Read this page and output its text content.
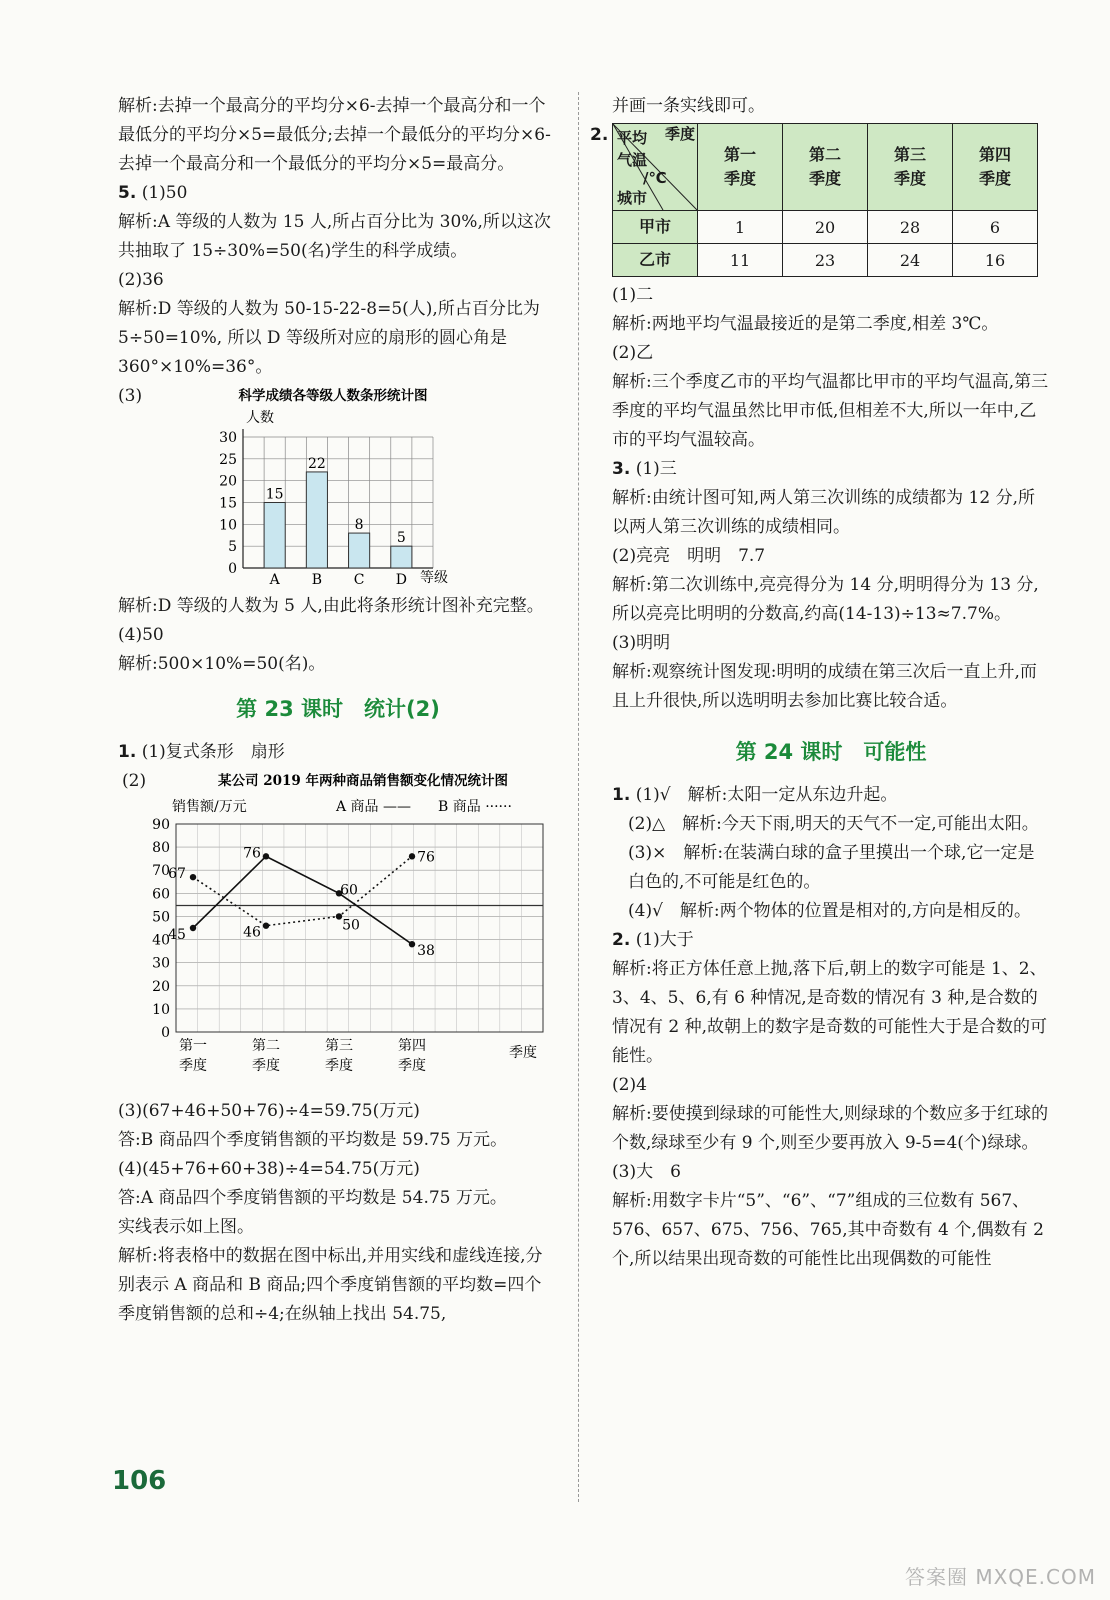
解析:去掉一个最高分的平均分×6-去掉一个最高分和一个最低分的平均分×5=最低分;去掉一个最低分的平均分×6-去掉一个最高分和一个最低分的平均分×5=最高分。

5. (1)50

解析:A 等级的人数为 15 人,所占百分比为 30%,所以这次共抽取了 15÷30%=50(名)学生的科学成绩。

(2)36

解析:D 等级的人数为 50-15-22-8=5(人),所占百分比为 5÷50=10%, 所以 D 等级所对应的扇形的圆心角是 360°×10%=36°。

(3)	科学成绩各等级人数条形统计图
人数
等级
0
5
10
15
20
25
30
15
A
22
B
8
C
5
D

解析:D 等级的人数为 5 人,由此将条形统计图补充完整。

(4)50

解析:500×10%=50(名)。

第 23 课时　统计(2)

1. (1)复式条形　扇形

(2)	某公司 2019 年两种商品销售额变化情况统计图
销售额/万元	A 商品 —— B 商品 ······
季度
0
10
20
30
40
50
60
70
80
90
第一
季度
第二
季度
第三
季度
第四
季度
45
76
60
38
67
46	50
76

(3)(67+46+50+76)÷4=59.75(万元)

答:B 商品四个季度销售额的平均数是 59.75 万元。

(4)(45+76+60+38)÷4=54.75(万元)

答:A 商品四个季度销售额的平均数是 54.75 万元。

实线表示如上图。

解析:将表格中的数据在图中标出,并用实线和虚线连接,分别表示 A 商品和 B 商品;四个季度销售额的平均数=四个季度销售额的总和÷4;在纵轴上找出 54.75,

并画一条实线即可。

2.	季度
平均
气温
/℃
城市	第一季度	第二季度	第三季度	第四季度
甲市	1	20	28	6
乙市	11	23	24	16

(1)二

解析:两地平均气温最接近的是第二季度,相差 3℃。

(2)乙

解析:三个季度乙市的平均气温都比甲市的平均气温高,第三季度的平均气温虽然比甲市低,但相差不大,所以一年中,乙市的平均气温较高。

3. (1)三

解析:由统计图可知,两人第三次训练的成绩都为 12 分,所以两人第三次训练的成绩相同。

(2)亮亮　明明　7.7

解析:第二次训练中,亮亮得分为 14 分,明明得分为 13 分,所以亮亮比明明的分数高,约高(14-13)÷13≈7.7%。

(3)明明

解析:观察统计图发现:明明的成绩在第三次后一直上升,而且上升很快,所以选明明去参加比赛比较合适。

第 24 课时　可能性

1. (1)√　解析:太阳一定从东边升起。

(2)△　解析:今天下雨,明天的天气不一定,可能出太阳。

(3)×　解析:在装满白球的盒子里摸出一个球,它一定是白色的,不可能是红色的。

(4)√　解析:两个物体的位置是相对的,方向是相反的。

2. (1)大于

解析:将正方体任意上抛,落下后,朝上的数字可能是 1、2、3、4、5、6,有 6 种情况,是奇数的情况有 3 种,是合数的情况有 2 种,故朝上的数字是奇数的可能性大于是合数的可能性。

(2)4

解析:要使摸到绿球的可能性大,则绿球的个数应多于红球的个数,绿球至少有 9 个,则至少要再放入 9-5=4(个)绿球。

(3)大　6

解析:用数字卡片“5”、“6”、“7”组成的三位数有 567、576、657、675、756、765,其中奇数有 4 个,偶数有 2 个,所以结果出现奇数的可能性比出现偶数的可能性

106
答案圈 MXQE.COM
